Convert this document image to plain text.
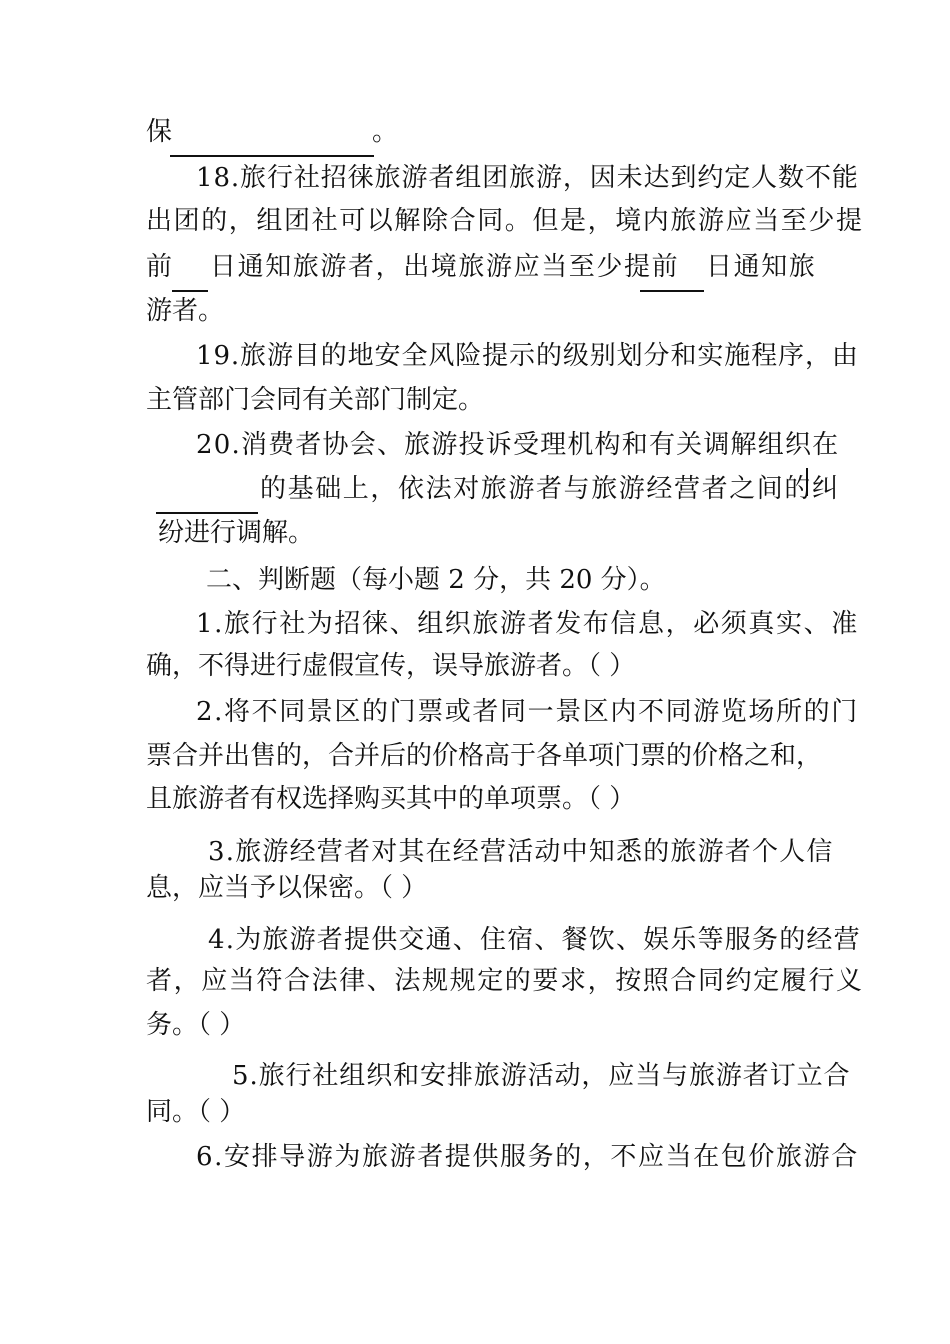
保	。
18.旅行社招徕旅游者组团旅游，因未达到约定人数不能
出团的，组团社可以解除合同。但是，境内旅游应当至少提
前 日通知旅游者，出境旅游应当至少提前 日通知旅
游者。
19.旅游目的地安全风险提示的级别划分和实施程序，由
主管部门会同有关部门制定。
20.消费者协会、旅游投诉受理机构和有关调解组织在
的基础上，依法对旅游者与旅游经营者之间的纠
纷进行调解。
二、判断题（每小题 2 分，共 20 分）。
1.旅行社为招徕、组织旅游者发布信息，必须真实、准
确，不得进行虚假宣传，误导旅游者。（ ）
2.将不同景区的门票或者同一景区内不同游览场所的门
票合并出售的，合并后的价格高于各单项门票的价格之和，
且旅游者有权选择购买其中的单项票。（ ）
3.旅游经营者对其在经营活动中知悉的旅游者个人信
息，应当予以保密。（ ）
4.为旅游者提供交通、住宿、餐饮、娱乐等服务的经营
者，应当符合法律、法规规定的要求，按照合同约定履行义
务。（ ）
5.旅行社组织和安排旅游活动，应当与旅游者订立合
同。（ ）
6.安排导游为旅游者提供服务的，不应当在包价旅游合
